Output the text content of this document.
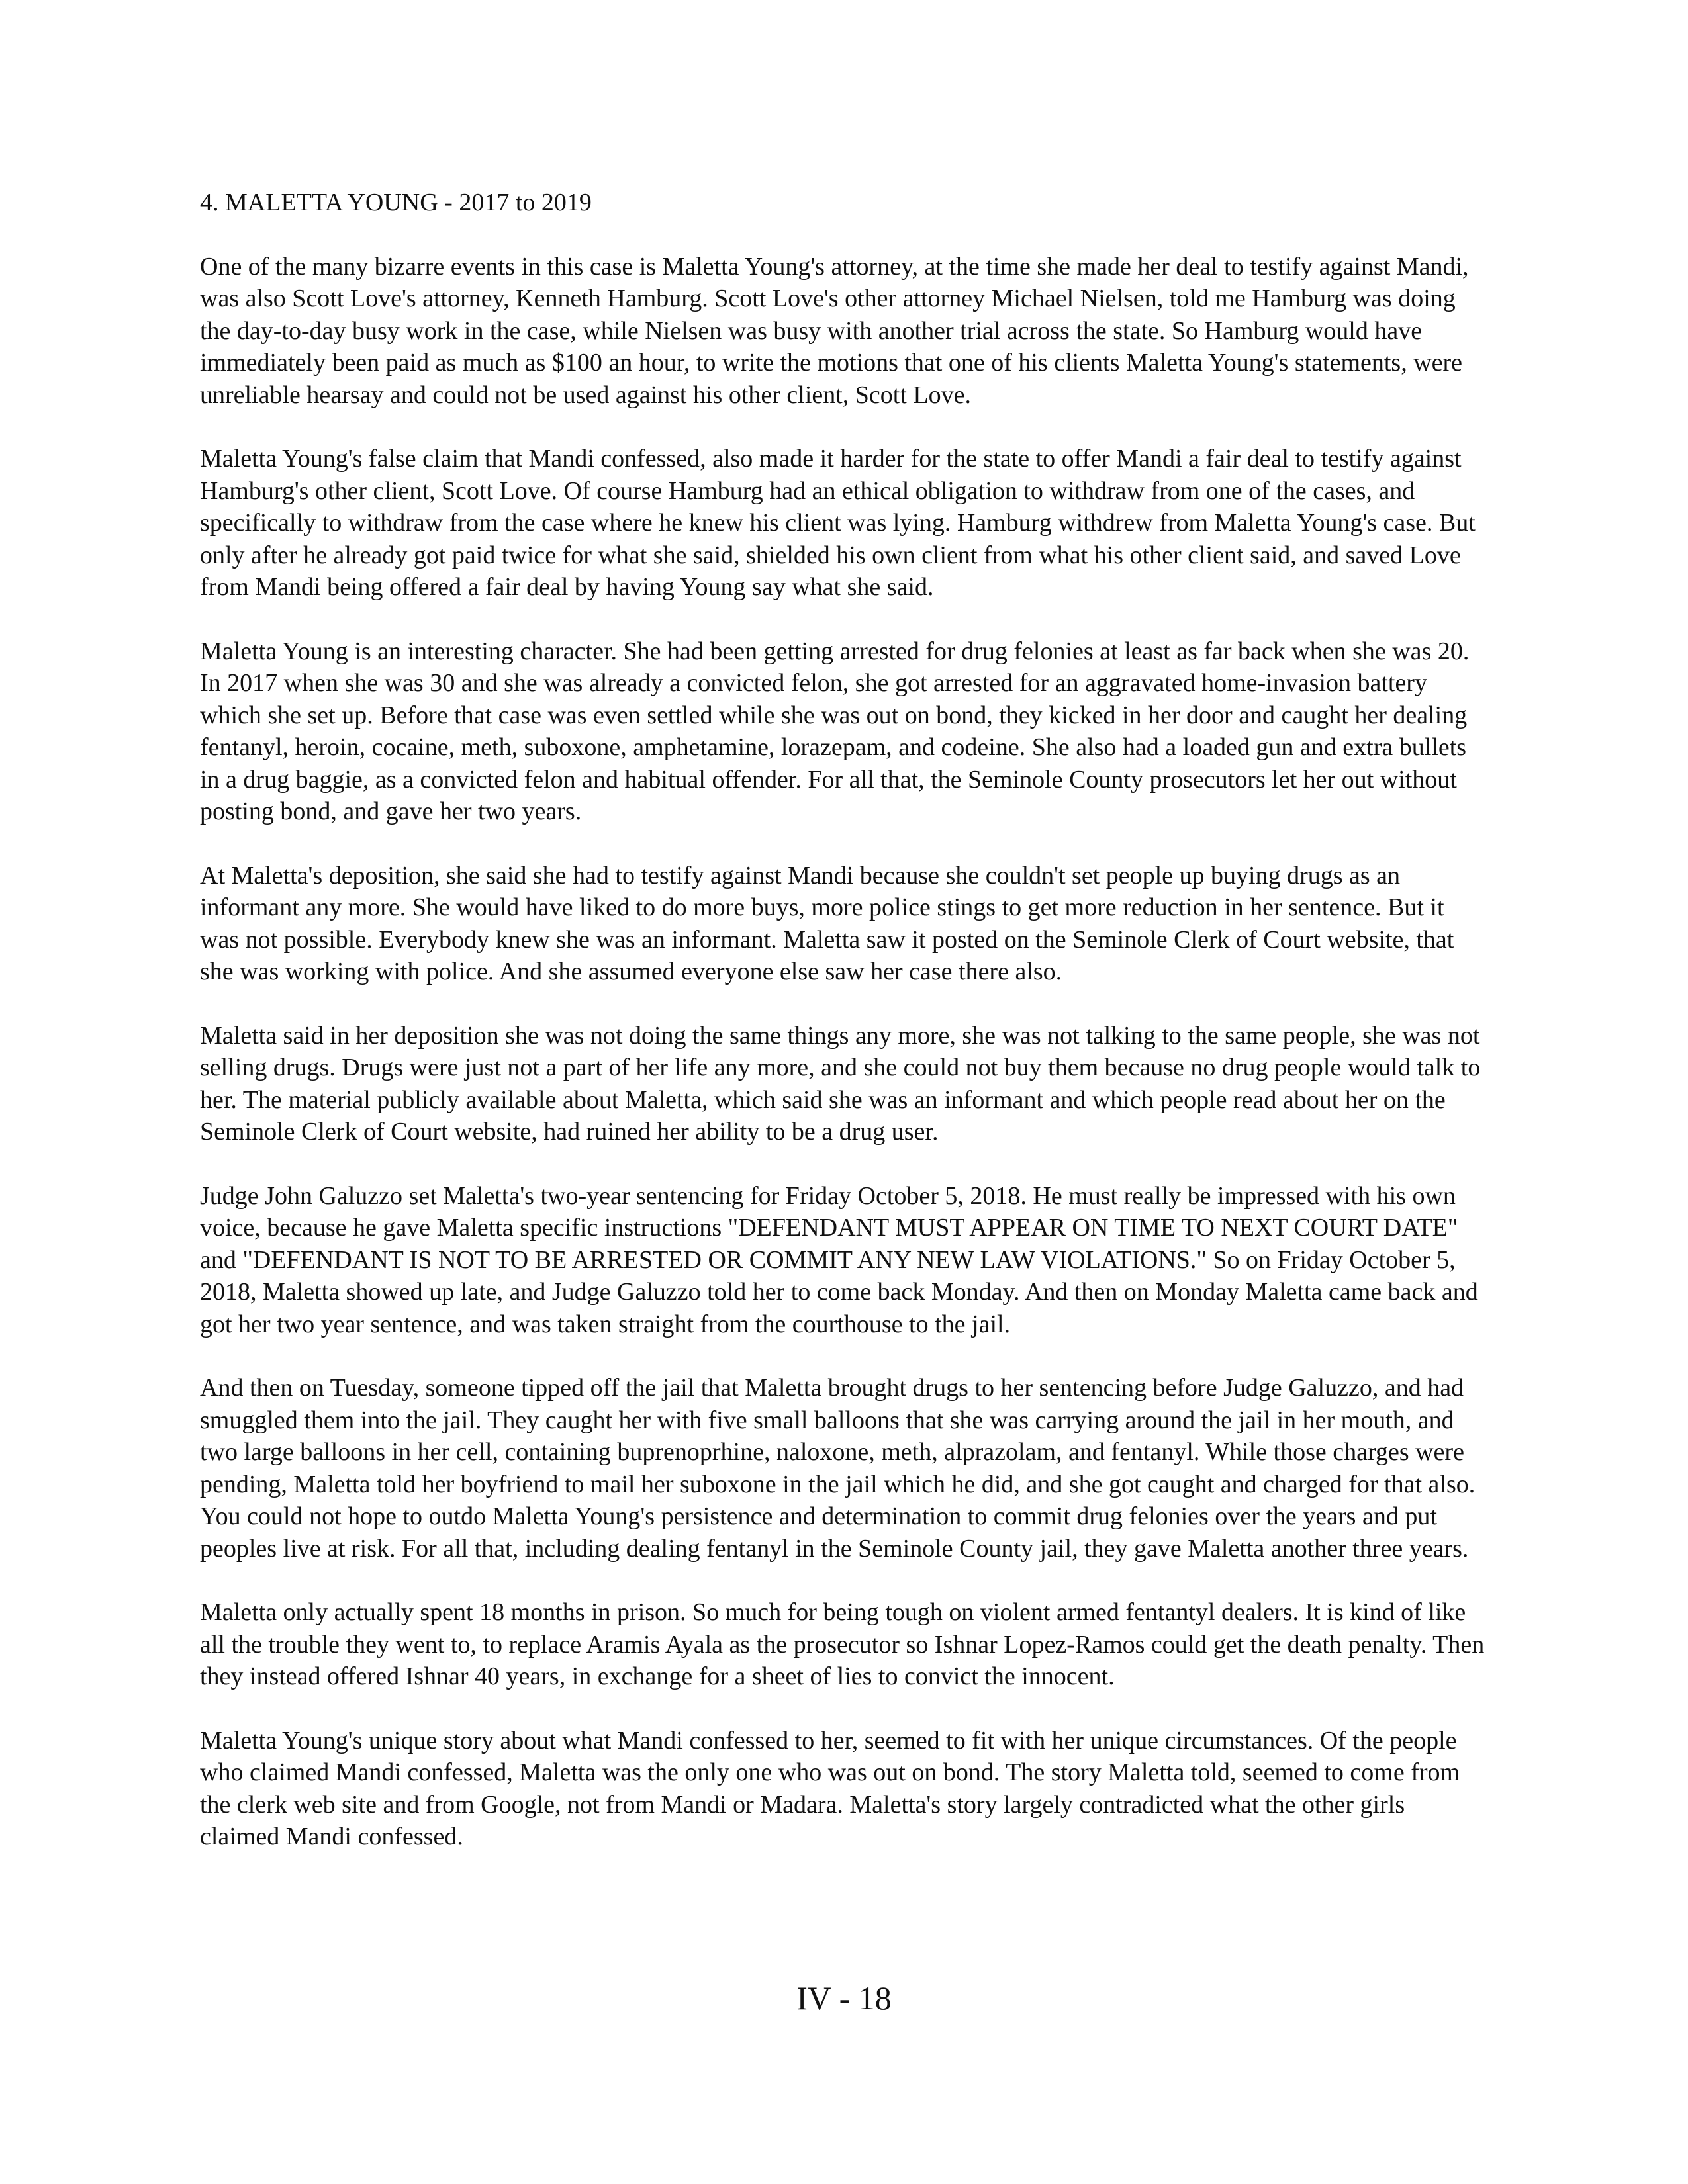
4. MALETTA YOUNG - 2017 to 2019

One of the many bizarre events in this case is Maletta Young's attorney, at the time she made her deal to testify against Mandi, was also Scott Love's attorney, Kenneth Hamburg. Scott Love's other attorney Michael Nielsen, told me Hamburg was doing the day-to-day busy work in the case, while Nielsen was busy with another trial across the state. So Hamburg would have immediately been paid as much as $100 an hour, to write the motions that one of his clients Maletta Young's statements, were unreliable hearsay and could not be used against his other client, Scott Love.

Maletta Young's false claim that Mandi confessed, also made it harder for the state to offer Mandi a fair deal to testify against Hamburg's other client, Scott Love. Of course Hamburg had an ethical obligation to withdraw from one of the cases, and specifically to withdraw from the case where he knew his client was lying. Hamburg withdrew from Maletta Young's case. But only after he already got paid twice for what she said, shielded his own client from what his other client said, and saved Love from Mandi being offered a fair deal by having Young say what she said.

Maletta Young is an interesting character. She had been getting arrested for drug felonies at least as far back when she was 20. In 2017 when she was 30 and she was already a convicted felon, she got arrested for an aggravated home-invasion battery which she set up. Before that case was even settled while she was out on bond, they kicked in her door and caught her dealing fentanyl, heroin, cocaine, meth, suboxone, amphetamine, lorazepam, and codeine. She also had a loaded gun and extra bullets in a drug baggie, as a convicted felon and habitual offender. For all that, the Seminole County prosecutors let her out without posting bond, and gave her two years.

At Maletta's deposition, she said she had to testify against Mandi because she couldn't set people up buying drugs as an informant any more. She would have liked to do more buys, more police stings to get more reduction in her sentence. But it was not possible. Everybody knew she was an informant. Maletta saw it posted on the Seminole Clerk of Court website, that she was working with police. And she assumed everyone else saw her case there also.

Maletta said in her deposition she was not doing the same things any more, she was not talking to the same people, she was not selling drugs. Drugs were just not a part of her life any more, and she could not buy them because no drug people would talk to her. The material publicly available about Maletta, which said she was an informant and which people read about her on the Seminole Clerk of Court website, had ruined her ability to be a drug user.

Judge John Galuzzo set Maletta's two-year sentencing for Friday October 5, 2018. He must really be impressed with his own voice, because he gave Maletta specific instructions "DEFENDANT MUST APPEAR ON TIME TO NEXT COURT DATE" and "DEFENDANT IS NOT TO BE ARRESTED OR COMMIT ANY NEW LAW VIOLATIONS." So on Friday October 5, 2018, Maletta showed up late, and Judge Galuzzo told her to come back Monday. And then on Monday Maletta came back and got her two year sentence, and was taken straight from the courthouse to the jail.

And then on Tuesday, someone tipped off the jail that Maletta brought drugs to her sentencing before Judge Galuzzo, and had smuggled them into the jail. They caught her with five small balloons that she was carrying around the jail in her mouth, and two large balloons in her cell, containing buprenoprhine, naloxone, meth, alprazolam, and fentanyl. While those charges were pending, Maletta told her boyfriend to mail her suboxone in the jail which he did, and she got caught and charged for that also. You could not hope to outdo Maletta Young's persistence and determination to commit drug felonies over the years and put peoples live at risk. For all that, including dealing fentanyl in the Seminole County jail, they gave Maletta another three years.

Maletta only actually spent 18 months in prison. So much for being tough on violent armed fentantyl dealers. It is kind of like all the trouble they went to, to replace Aramis Ayala as the prosecutor so Ishnar Lopez-Ramos could get the death penalty. Then they instead offered Ishnar 40 years, in exchange for a sheet of lies to convict the innocent.

Maletta Young's unique story about what Mandi confessed to her, seemed to fit with her unique circumstances. Of the people who claimed Mandi confessed, Maletta was the only one who was out on bond. The story Maletta told, seemed to come from the clerk web site and from Google, not from Mandi or Madara. Maletta's story largely contradicted what the other girls claimed Mandi confessed.

IV - 18
